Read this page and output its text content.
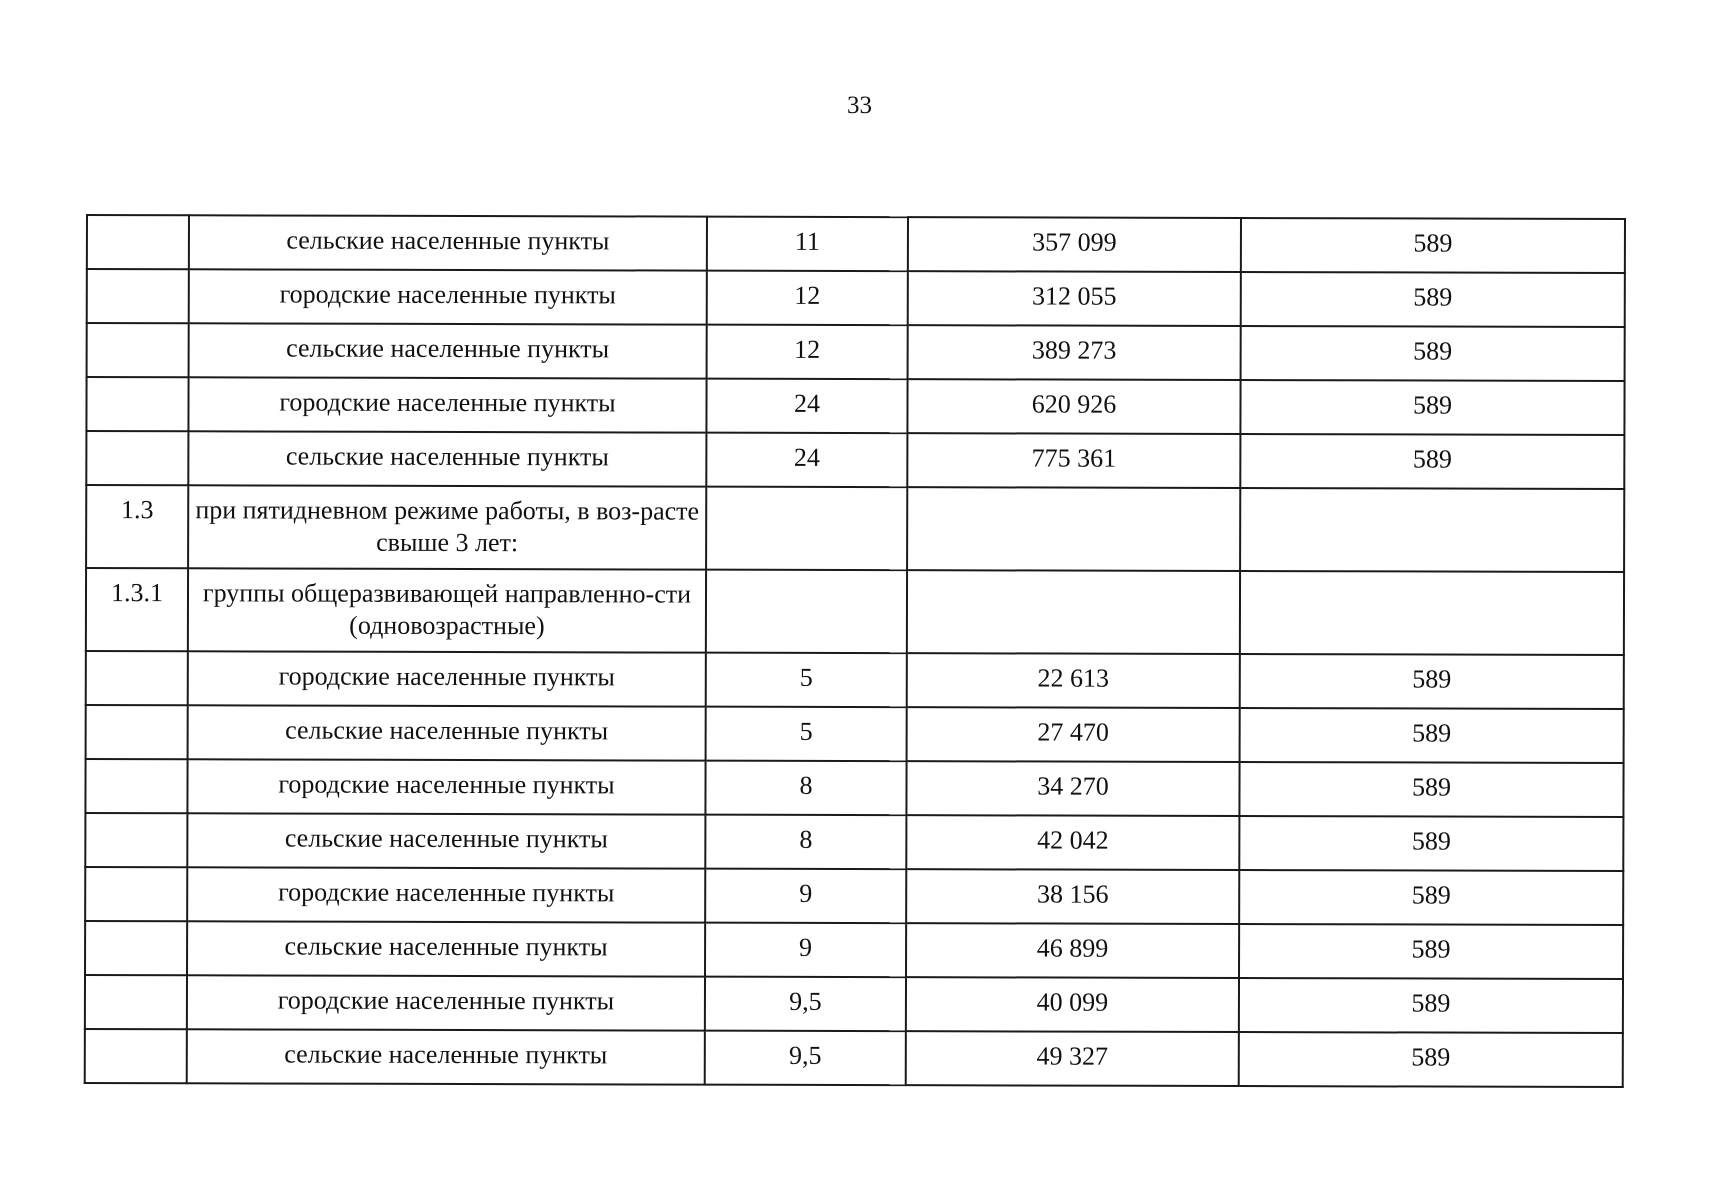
33
	сельские населенные пункты	11	357 099	589
	городские населенные пункты	12	312 055	589
	сельские населенные пункты	12	389 273	589
	городские населенные пункты	24	620 926	589
	сельские населенные пункты	24	775 361	589
1.3	при пятидневном режиме работы, в воз-раcте свыше 3 лет:			
1.3.1	группы общеразвивающей направленно-сти (одновозрастные)			
	городские населенные пункты	5	22 613	589
	сельские населенные пункты	5	27 470	589
	городские населенные пункты	8	34 270	589
	сельские населенные пункты	8	42 042	589
	городские населенные пункты	9	38 156	589
	сельские населенные пункты	9	46 899	589
	городские населенные пункты	9,5	40 099	589
	сельские населенные пункты	9,5	49 327	589
